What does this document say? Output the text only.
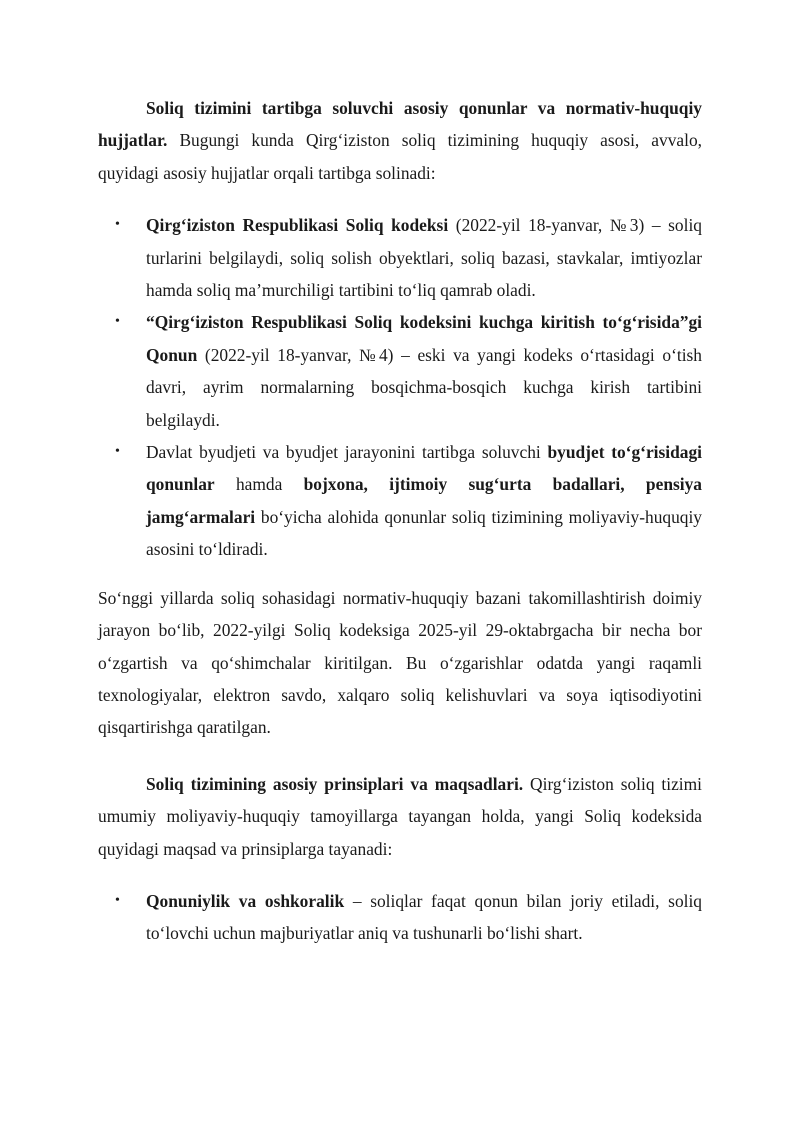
Soliq tizimini tartibga soluvchi asosiy qonunlar va normativ-huquqiy hujjatlar. Bugungi kunda Qirg‘iziston soliq tizimining huquqiy asosi, avvalo, quyidagi asosiy hujjatlar orqali tartibga solinadi:

• Qirg‘iziston Respublikasi Soliq kodeksi (2022-yil 18-yanvar, №3) – soliq turlarini belgilaydi, soliq solish obyektlari, soliq bazasi, stavkalar, imtiyozlar hamda soliq ma’murchiligi tartibini to‘liq qamrab oladi.
• “Qirg‘iziston Respublikasi Soliq kodeksini kuchga kiritish to‘g‘risida”gi Qonun (2022-yil 18-yanvar, №4) – eski va yangi kodeks o‘rtasidagi o‘tish davri, ayrim normalarning bosqichma-bosqich kuchga kirish tartibini belgilaydi.
• Davlat byudjeti va byudjet jarayonini tartibga soluvchi byudjet to‘g‘risidagi qonunlar hamda bojxona, ijtimoiy sug‘urta badallari, pensiya jamg‘armalari bo‘yicha alohida qonunlar soliq tizimining moliyaviy-huquqiy asosini to‘ldiradi.

So‘nggi yillarda soliq sohasidagi normativ-huquqiy bazani takomillashtirish doimiy jarayon bo‘lib, 2022-yilgi Soliq kodeksiga 2025-yil 29-oktabrgacha bir necha bor o‘zgartish va qo‘shimchalar kiritilgan. Bu o‘zgarishlar odatda yangi raqamli texnologiyalar, elektron savdo, xalqaro soliq kelishuvlari va soya iqtisodiyotini qisqartirishga qaratilgan.

Soliq tizimining asosiy prinsiplari va maqsadlari. Qirg‘iziston soliq tizimi umumiy moliyaviy-huquqiy tamoyillarga tayangan holda, yangi Soliq kodeksida quyidagi maqsad va prinsiplarga tayanadi:

• Qonuniylik va oshkoralik – soliqlar faqat qonun bilan joriy etiladi, soliq to‘lovchi uchun majburiyatlar aniq va tushunarli bo‘lishi shart.
